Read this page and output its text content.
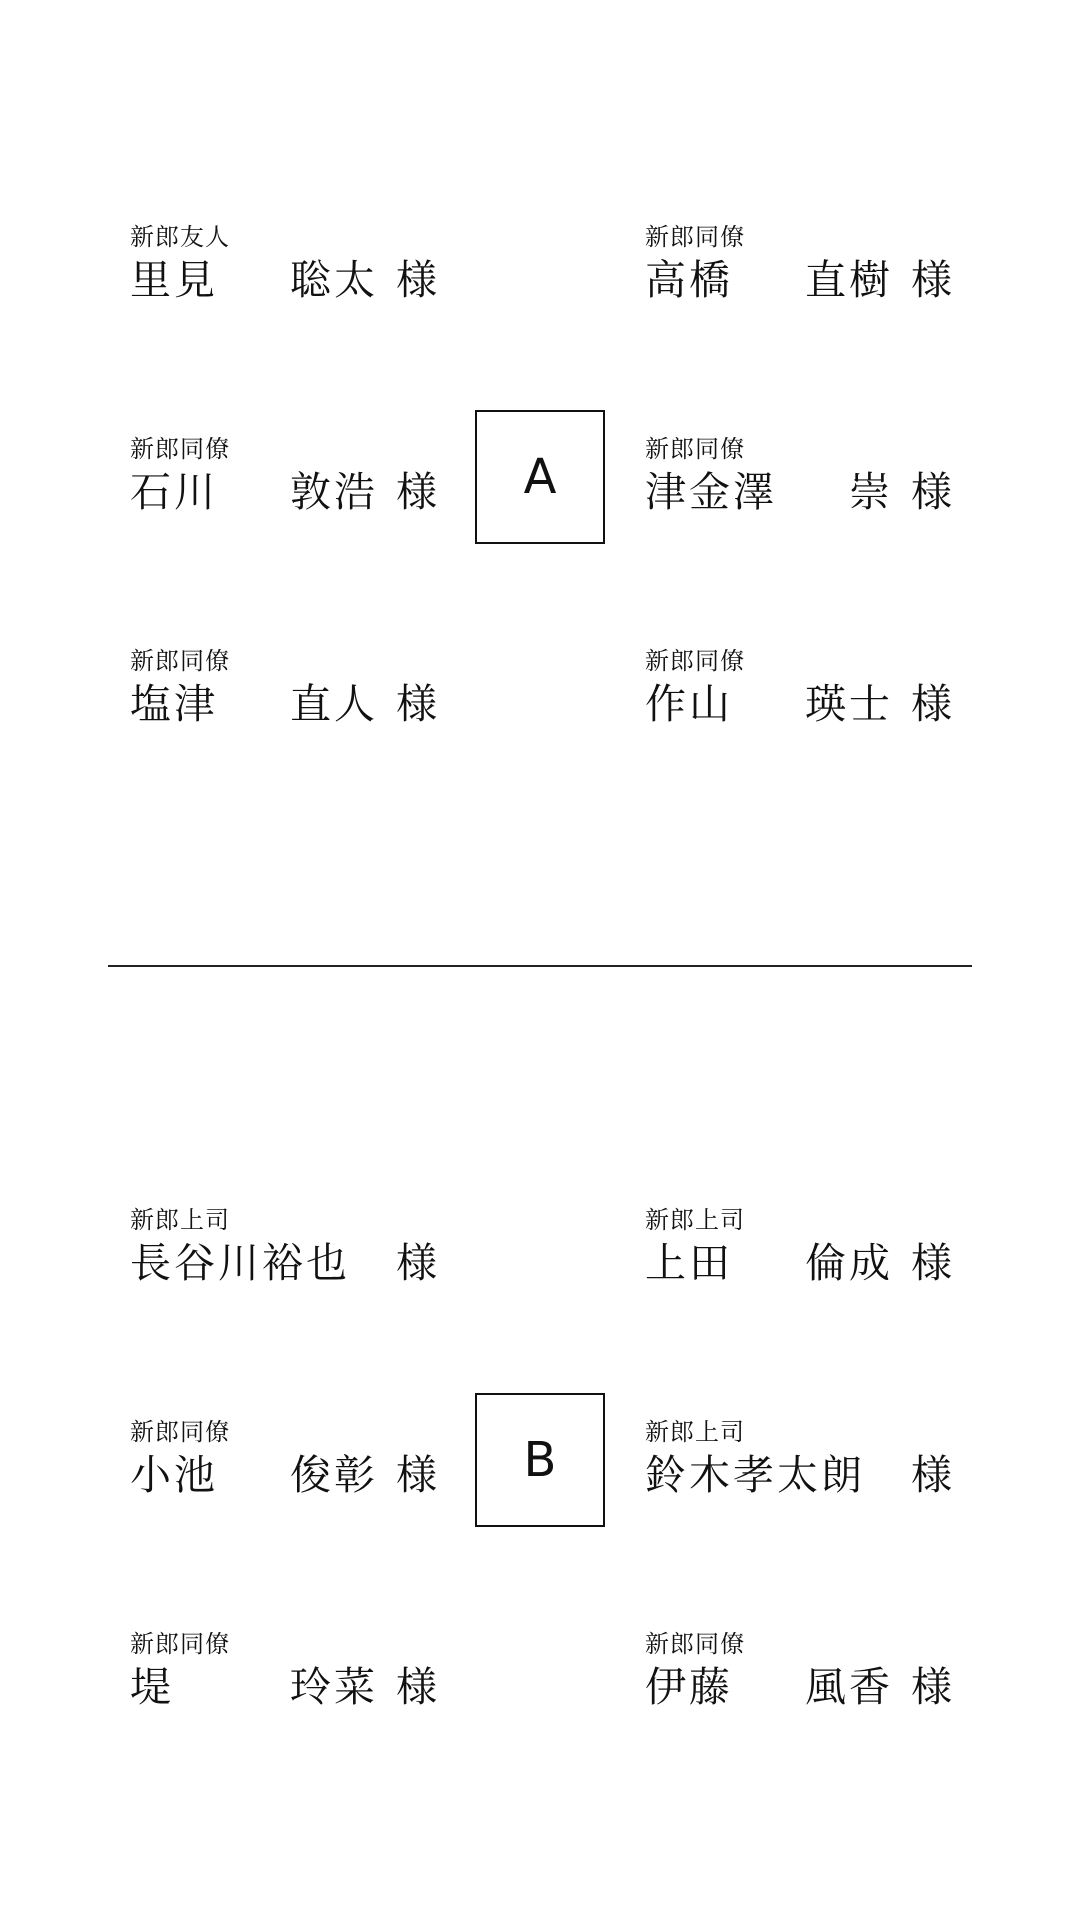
新郎友人
里見	聡太 様
新郎同僚
石川	敦浩 様
新郎同僚
塩津	直人 様
新郎同僚
高橋	直樹 様
新郎同僚
津金澤	崇 様
新郎同僚
作山	瑛士 様
A
新郎上司
長谷川裕也	様
新郎同僚
小池	俊彰 様
新郎同僚
堤	玲菜 様
新郎上司
上田	倫成 様
新郎上司
鈴木孝太朗	様
新郎同僚
伊藤	風香 様
B
